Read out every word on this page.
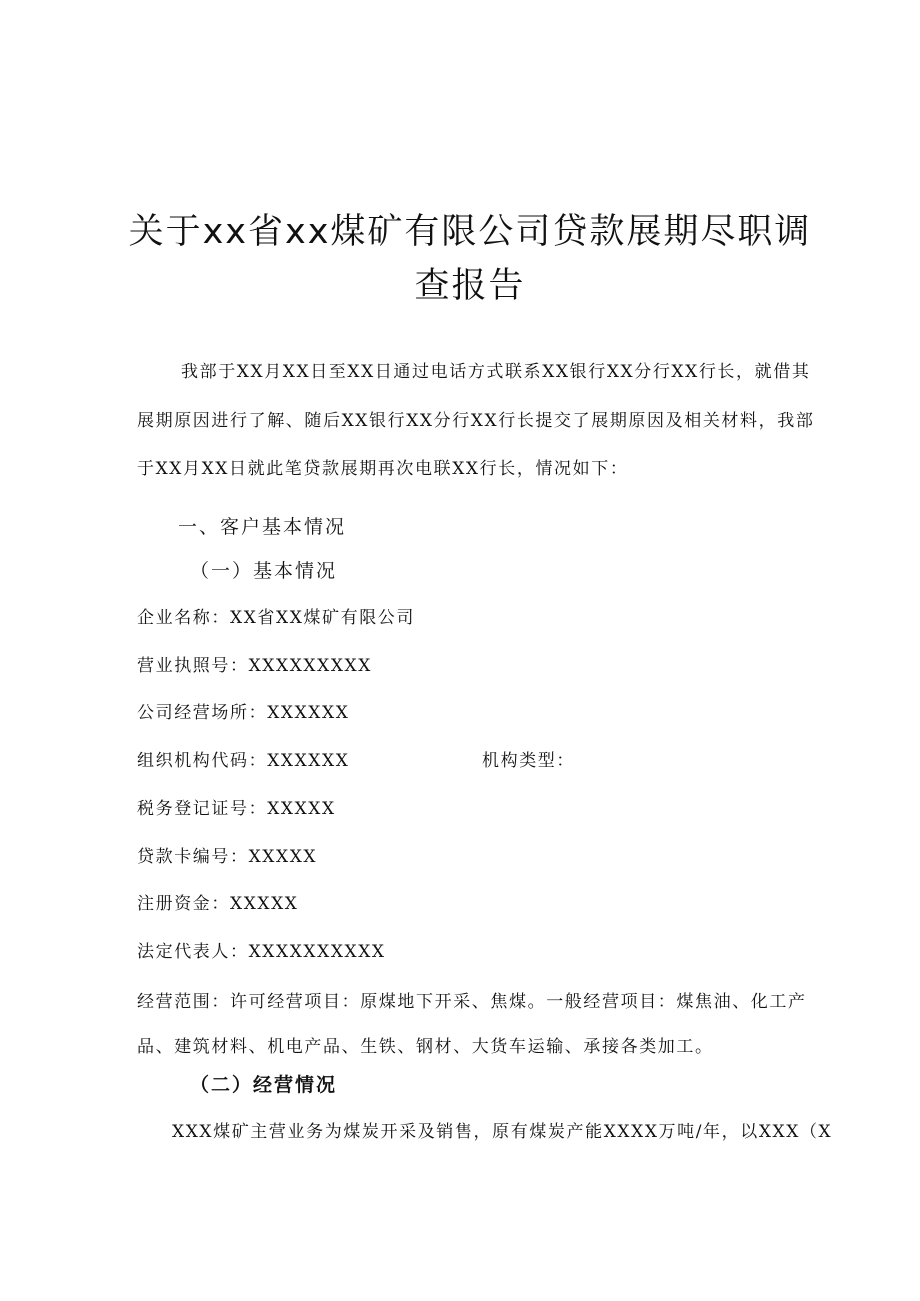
关于xx省xx煤矿有限公司贷款展期尽职调
查报告
我部于XX月XX日至XX日通过电话方式联系XX银行XX分行XX行长，就借其
展期原因进行了解、随后XX银行XX分行XX行长提交了展期原因及相关材料，我部
于XX月XX日就此笔贷款展期再次电联XX行长，情况如下：
一、客户基本情况
（一）基本情况
企业名称：XX省XX煤矿有限公司
营业执照号：XXXXXXXXX
公司经营场所：XXXXXX
组织机构代码：XXXXXX	机构类型：
税务登记证号：XXXXX
贷款卡编号：XXXXX
注册资金：XXXXX
法定代表人：XXXXXXXXXX
经营范围：许可经营项目：原煤地下开采、焦煤。一般经营项目：煤焦油、化工产
品、建筑材料、机电产品、生铁、钢材、大货车运输、承接各类加工。
（二）经营情况
XXX煤矿主营业务为煤炭开采及销售，原有煤炭产能XXXX万吨/年，以XXX（X
